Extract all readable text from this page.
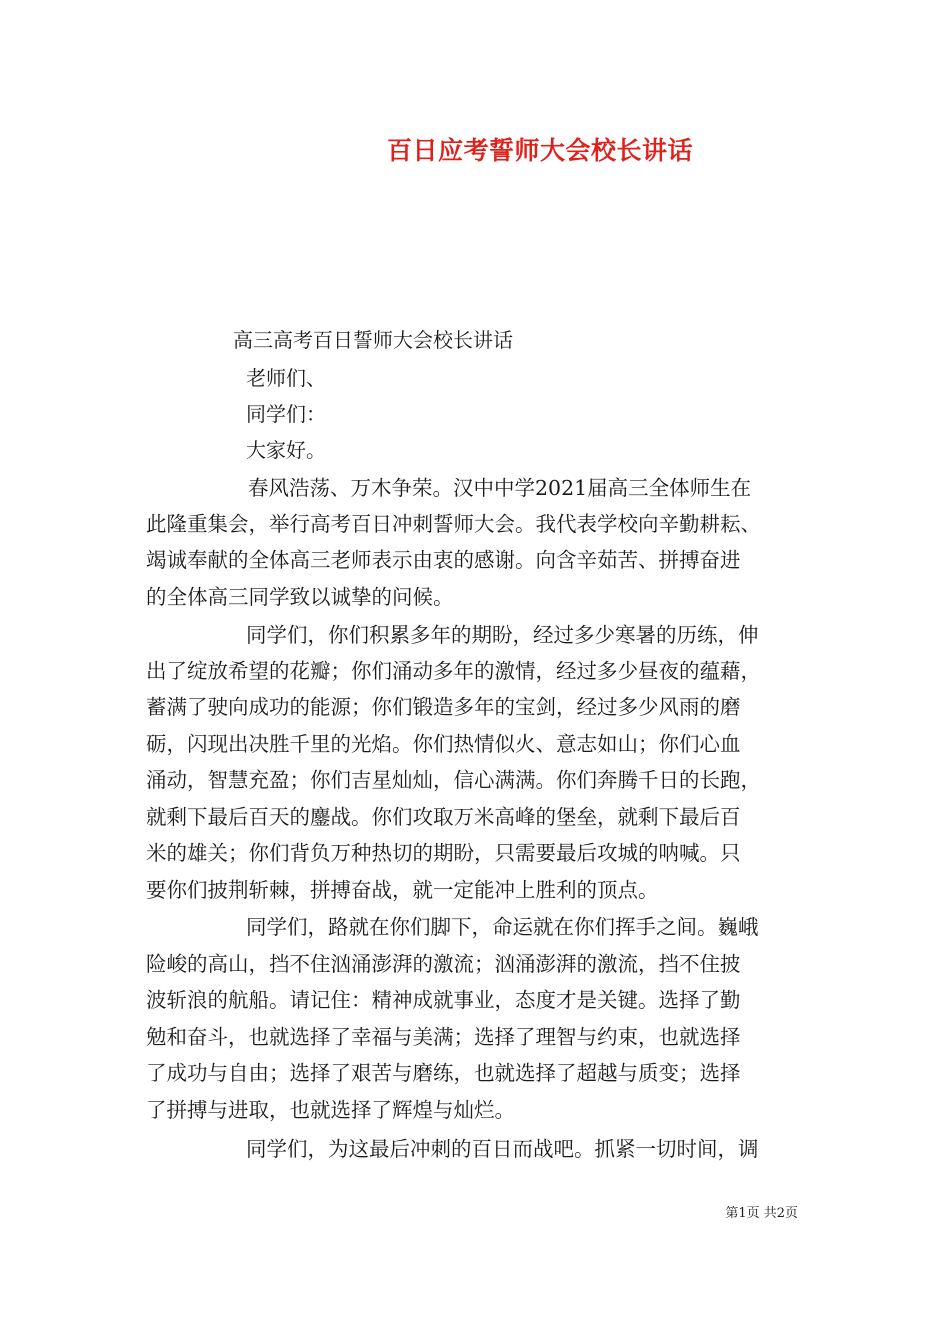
百日应考誓师大会校长讲话
高三高考百日誓师大会校长讲话
老师们、
同学们：
大家好。
春风浩荡、万木争荣。汉中中学2021届高三全体师生在
此隆重集会，举行高考百日冲刺誓师大会。我代表学校向辛勤耕耘、
竭诚奉献的全体高三老师表示由衷的感谢。向含辛茹苦、拼搏奋进
的全体高三同学致以诚挚的问候。
同学们，你们积累多年的期盼，经过多少寒暑的历练，伸
出了绽放希望的花瓣；你们涌动多年的激情，经过多少昼夜的蕴藉，
蓄满了驶向成功的能源；你们锻造多年的宝剑，经过多少风雨的磨
砺，闪现出决胜千里的光焰。你们热情似火、意志如山；你们心血
涌动，智慧充盈；你们吉星灿灿，信心满满。你们奔腾千日的长跑，
就剩下最后百天的鏖战。你们攻取万米高峰的堡垒，就剩下最后百
米的雄关；你们背负万种热切的期盼，只需要最后攻城的呐喊。只
要你们披荆斩棘，拼搏奋战，就一定能冲上胜利的顶点。
同学们，路就在你们脚下，命运就在你们挥手之间。巍峨
险峻的高山，挡不住汹涌澎湃的激流；汹涌澎湃的激流，挡不住披
波斩浪的航船。请记住：精神成就事业，态度才是关键。选择了勤
勉和奋斗，也就选择了幸福与美满；选择了理智与约束，也就选择
了成功与自由；选择了艰苦与磨练，也就选择了超越与质变；选择
了拼搏与进取，也就选择了辉煌与灿烂。
同学们，为这最后冲刺的百日而战吧。抓紧一切时间，调
第1页 共2页
